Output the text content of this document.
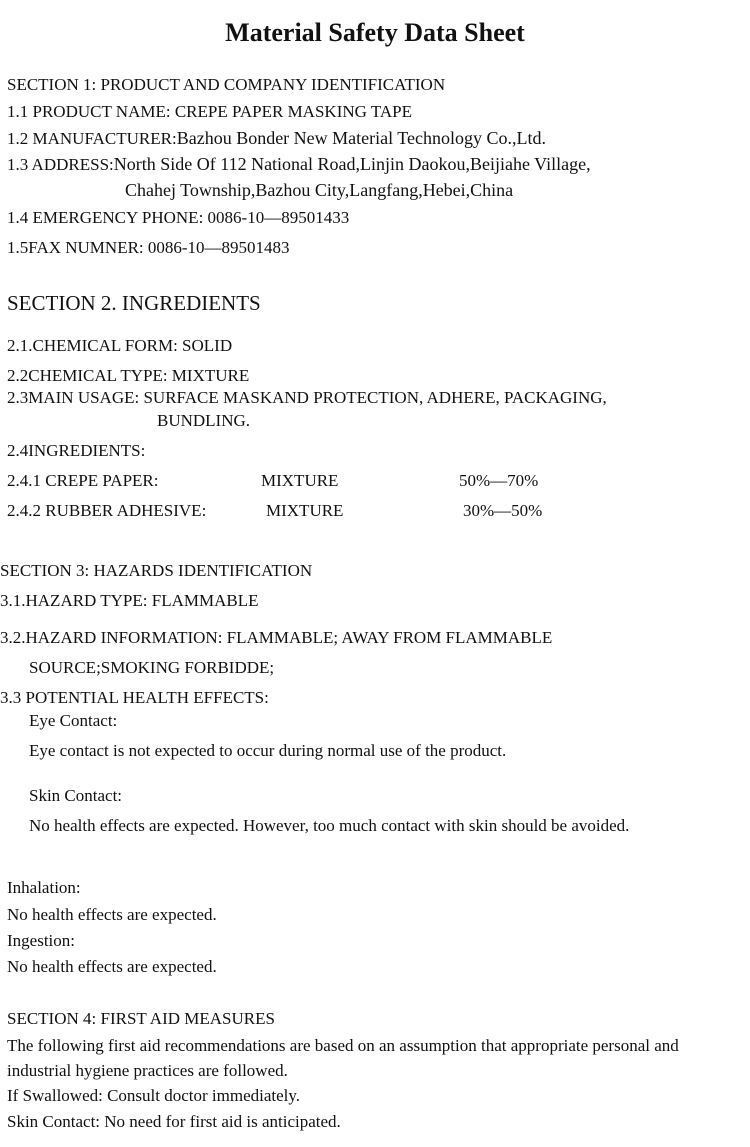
Material Safety Data Sheet
SECTION 1: PRODUCT AND COMPANY IDENTIFICATION
1.1 PRODUCT NAME: CREPE PAPER MASKING TAPE
1.2 MANUFACTURER:Bazhou Bonder New Material Technology Co.,Ltd.
1.3 ADDRESS:North Side Of 112 National Road,Linjin Daokou,Beijiahe Village,
Chahej Township,Bazhou City,Langfang,Hebei,China
1.4 EMERGENCY PHONE: 0086-10—89501433
1.5FAX NUMNER: 0086-10—89501483
SECTION 2. INGREDIENTS
2.1.CHEMICAL FORM: SOLID
2.2CHEMICAL TYPE: MIXTURE
2.3MAIN USAGE: SURFACE MASKAND PROTECTION, ADHERE, PACKAGING,
BUNDLING.
2.4INGREDIENTS:
2.4.1 CREPE PAPER:	MIXTURE	50%—70%
2.4.2 RUBBER ADHESIVE:	MIXTURE	30%—50%
SECTION 3: HAZARDS IDENTIFICATION
3.1.HAZARD TYPE: FLAMMABLE
3.2.HAZARD INFORMATION: FLAMMABLE; AWAY FROM FLAMMABLE
SOURCE;SMOKING FORBIDDE;
3.3 POTENTIAL HEALTH EFFECTS:
Eye Contact:
Eye contact is not expected to occur during normal use of the product.
Skin Contact:
No health effects are expected. However, too much contact with skin should be avoided.
Inhalation:
No health effects are expected.
Ingestion:
No health effects are expected.
SECTION 4: FIRST AID MEASURES
The following first aid recommendations are based on an assumption that appropriate personal and
industrial hygiene practices are followed.
If Swallowed: Consult doctor immediately.
Skin Contact: No need for first aid is anticipated.
